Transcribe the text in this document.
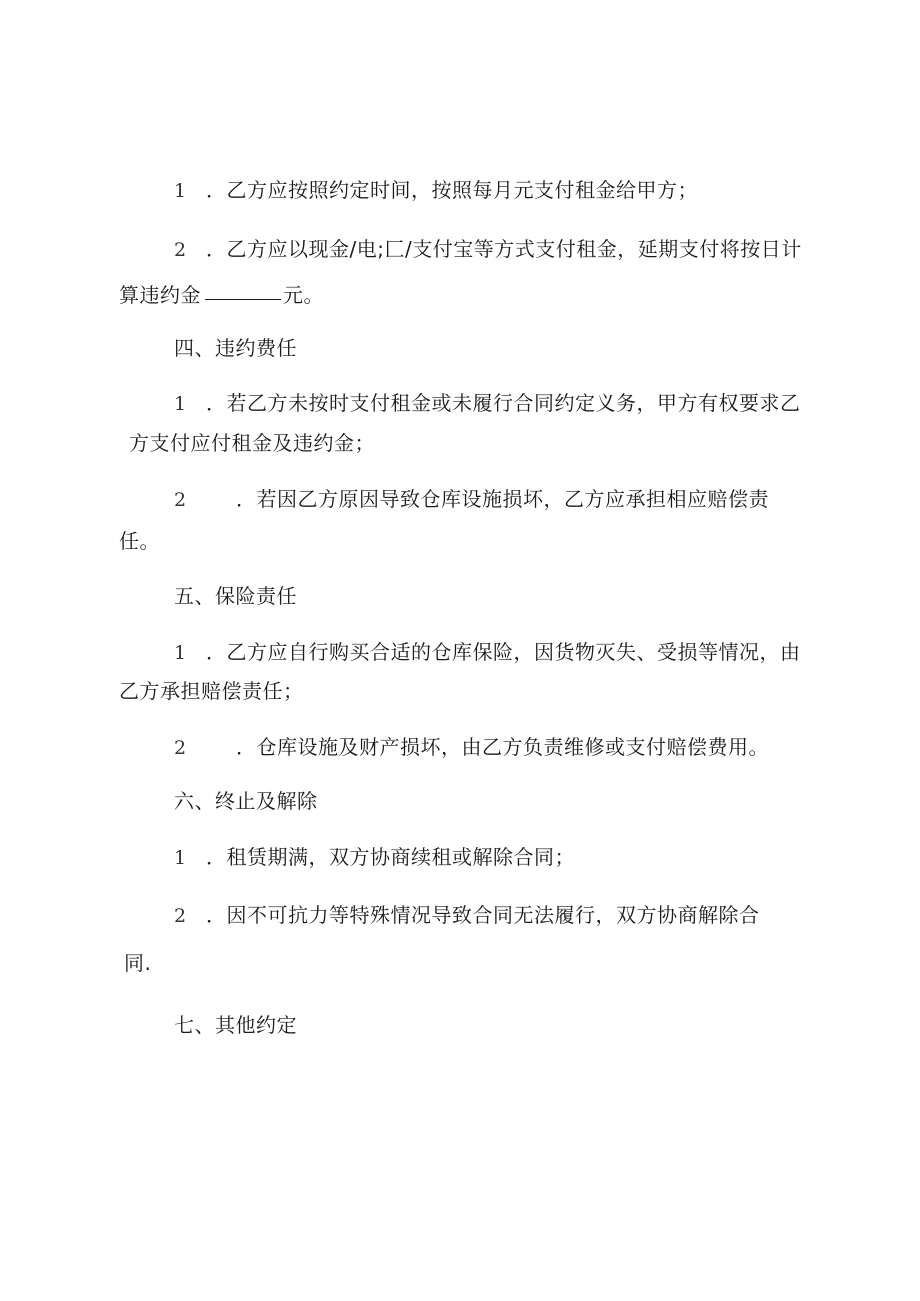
1 ．乙方应按照约定时间，按照每月元支付租金给甲方；
2 ．乙方应以现金/电;匚/支付宝等方式支付租金，延期支付将按日计
算违约金	元。
四、违约费任
1 ．若乙方未按时支付租金或未履行合同约定义务，甲方有权要求乙
方支付应付租金及违约金；
2 ．若因乙方原因导致仓库设施损坏，乙方应承担相应赔偿责
任。
五、保险责任
1 ．乙方应自行购买合适的仓库保险，因货物灭失、受损等情况，由
乙方承担赔偿责任；
2 ．仓库设施及财产损坏，由乙方负责维修或支付赔偿费用。
六、终止及解除
1 ．租赁期满，双方协商续租或解除合同；
2 ．因不可抗力等特殊情况导致合同无法履行，双方协商解除合
同.
七、其他约定
